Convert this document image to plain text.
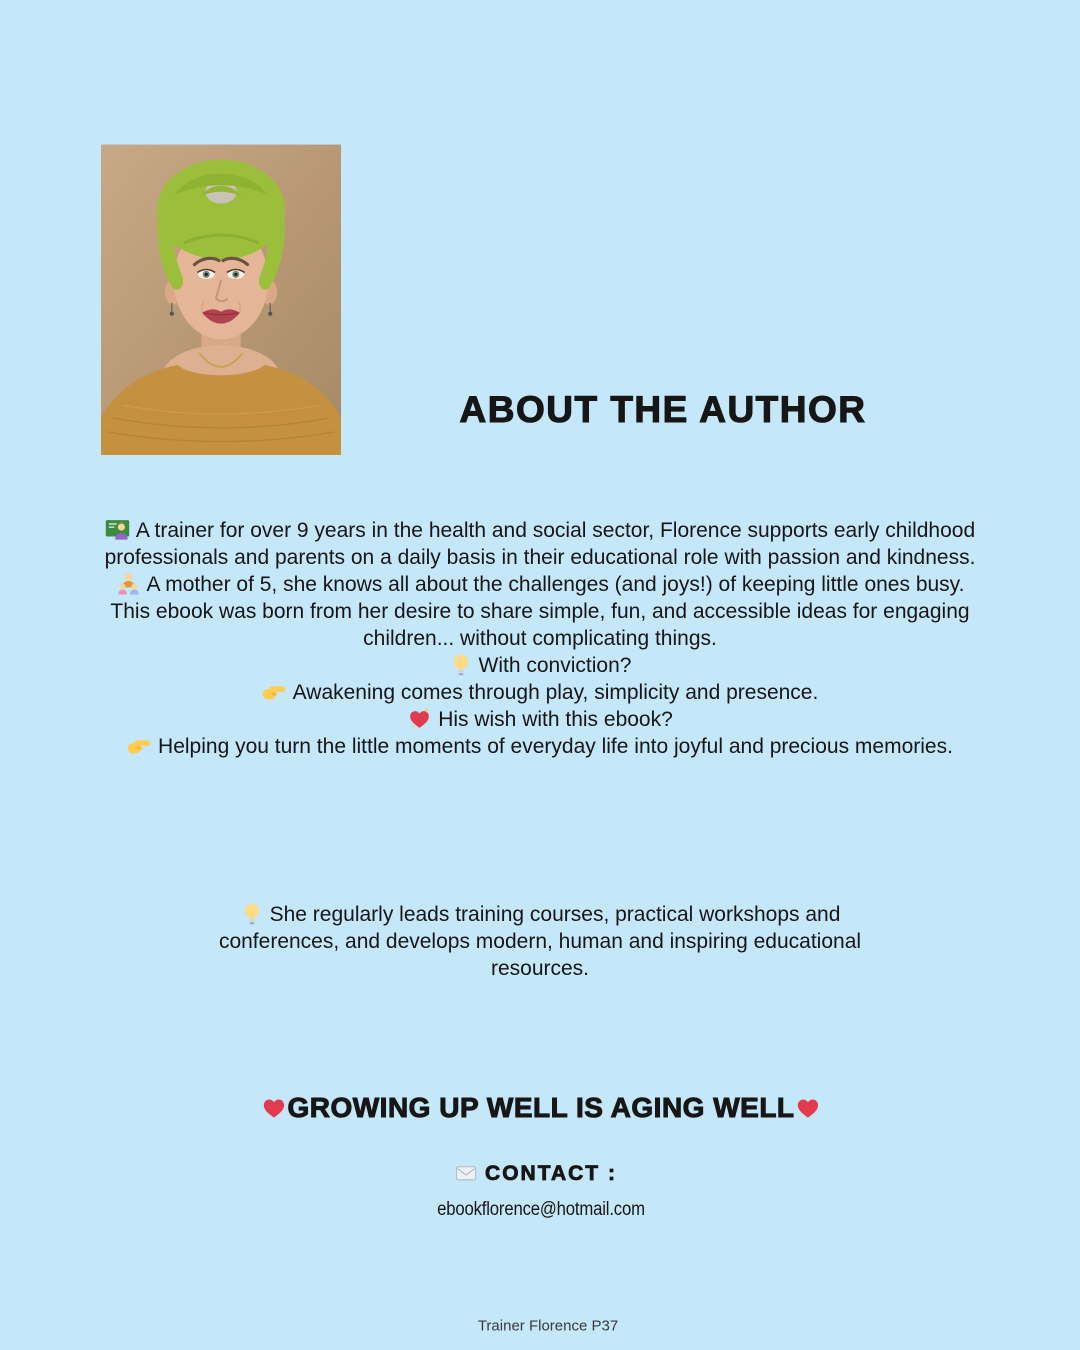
ABOUT THE AUTHOR

A trainer for over 9 years in the health and social sector, Florence supports early childhood professionals and parents on a daily basis in their educational role with passion and kindness.

A mother of 5, she knows all about the challenges (and joys!) of keeping little ones busy. This ebook was born from her desire to share simple, fun, and accessible ideas for engaging children... without complicating things.

With conviction?

Awakening comes through play, simplicity and presence.

His wish with this ebook?

Helping you turn the little moments of everyday life into joyful and precious memories.

She regularly leads training courses, practical workshops and conferences, and develops modern, human and inspiring educational resources.

GROWING UP WELL IS AGING WELL
CONTACT :
ebookflorence@hotmail.com
Trainer Florence P37
